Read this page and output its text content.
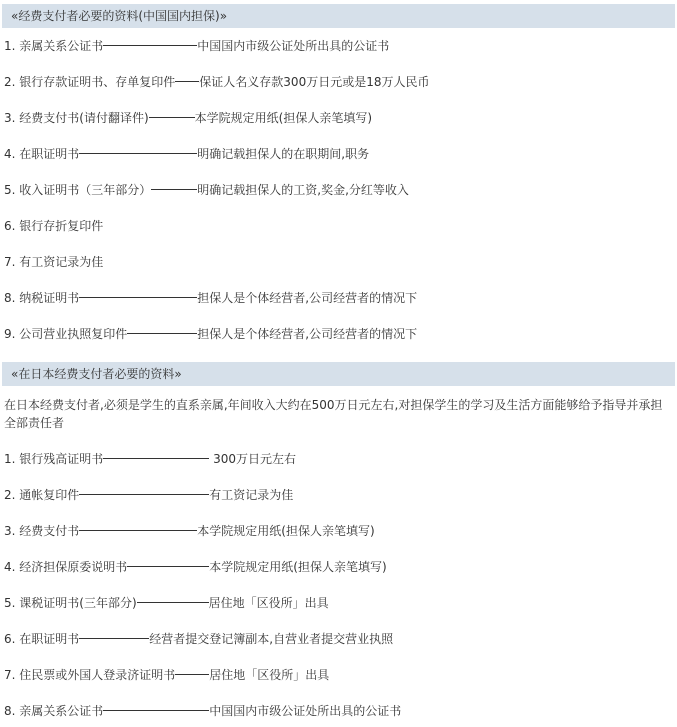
«经费支付者必要的资料(中国国内担保)»
1. 亲属关系公证书	中国国内市级公证处所出具的公证书
2. 银行存款证明书、存单复印件 保证人名义存款300万日元或是18万人民币
3. 经费支付书(请付翻译件)	本学院规定用纸(担保人亲笔填写)
4. 在职证明书	明确记载担保人的在职期间,职务
5. 收入证明书（三年部分）	明确记载担保人的工资,奖金,分红等收入
6. 银行存折复印件
7. 有工资记录为佳
8. 纳税证明书	担保人是个体经营者,公司经营者的情况下
9. 公司营业执照复印件	担保人是个体经营者,公司经营者的情况下
«在日本经费支付者必要的资料»
在日本经费支付者,必须是学生的直系亲属,年间收入大约在500万日元左右,对担保学生的学习及生活方面能够给予指导并承担全部责任者
1. 银行残高证明书	300万日元左右
2. 通帐复印件	有工资记录为佳
3. 经费支付书	本学院规定用纸(担保人亲笔填写)
4. 经济担保原委说明书	本学院规定用纸(担保人亲笔填写)
5. 课税证明书(三年部分)	居住地「区役所」出具
6. 在职证明书	经营者提交登记簿副本,自营业者提交营业执照
7. 住民票或外国人登录济证明书	居住地「区役所」出具
8. 亲属关系公证书	中国国内市级公证处所出具的公证书
